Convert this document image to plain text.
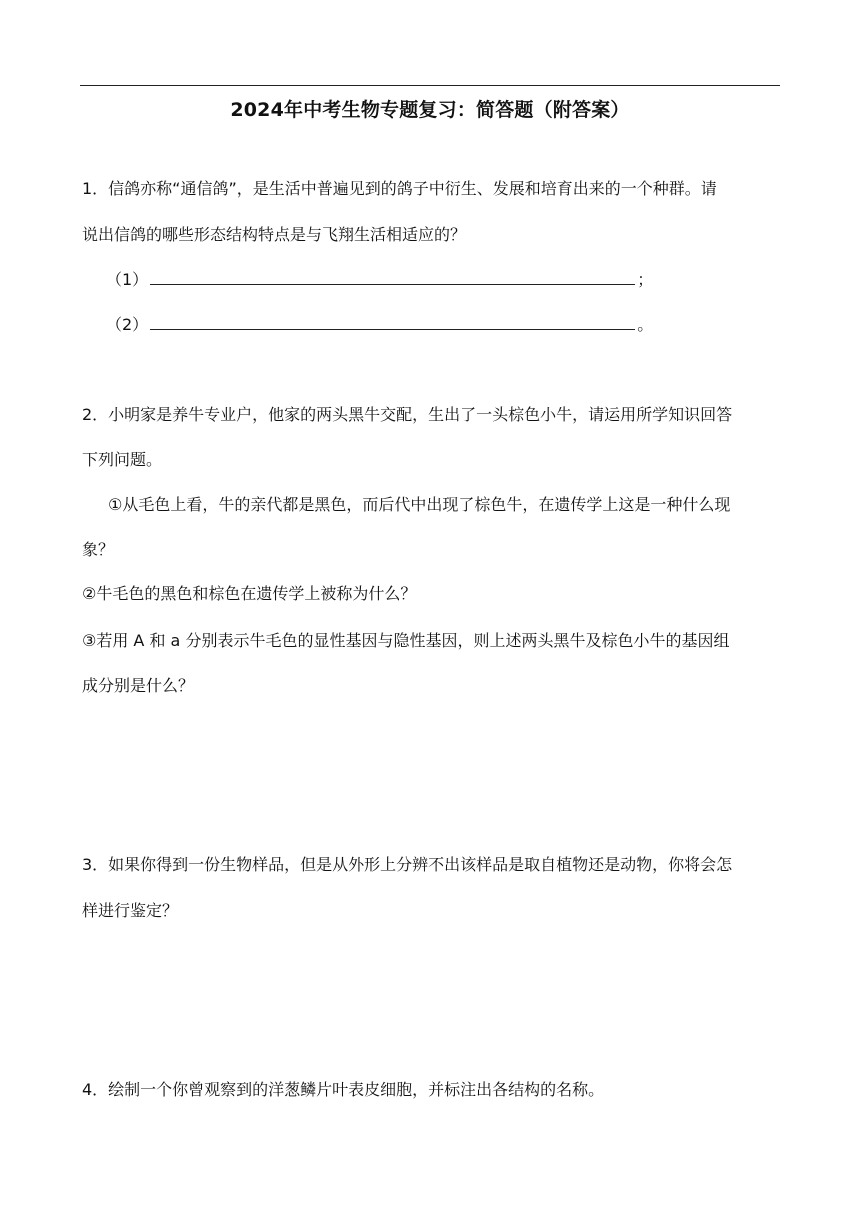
2024年中考生物专题复习：简答题（附答案）
1．信鸽亦称“通信鸽”，是生活中普遍见到的鸽子中衍生、发展和培育出来的一个种群。请
说出信鸽的哪些形态结构特点是与飞翔生活相适应的？
（1）	；
（2）	。
2．小明家是养牛专业户，他家的两头黑牛交配，生出了一头棕色小牛，请运用所学知识回答
下列问题。
①从毛色上看，牛的亲代都是黑色，而后代中出现了棕色牛，在遗传学上这是一种什么现
象？
②牛毛色的黑色和棕色在遗传学上被称为什么？
③若用 A 和 a 分别表示牛毛色的显性基因与隐性基因，则上述两头黑牛及棕色小牛的基因组
成分别是什么？
3．如果你得到一份生物样品，但是从外形上分辨不出该样品是取自植物还是动物，你将会怎
样进行鉴定？
4．绘制一个你曾观察到的洋葱鳞片叶表皮细胞，并标注出各结构的名称。
